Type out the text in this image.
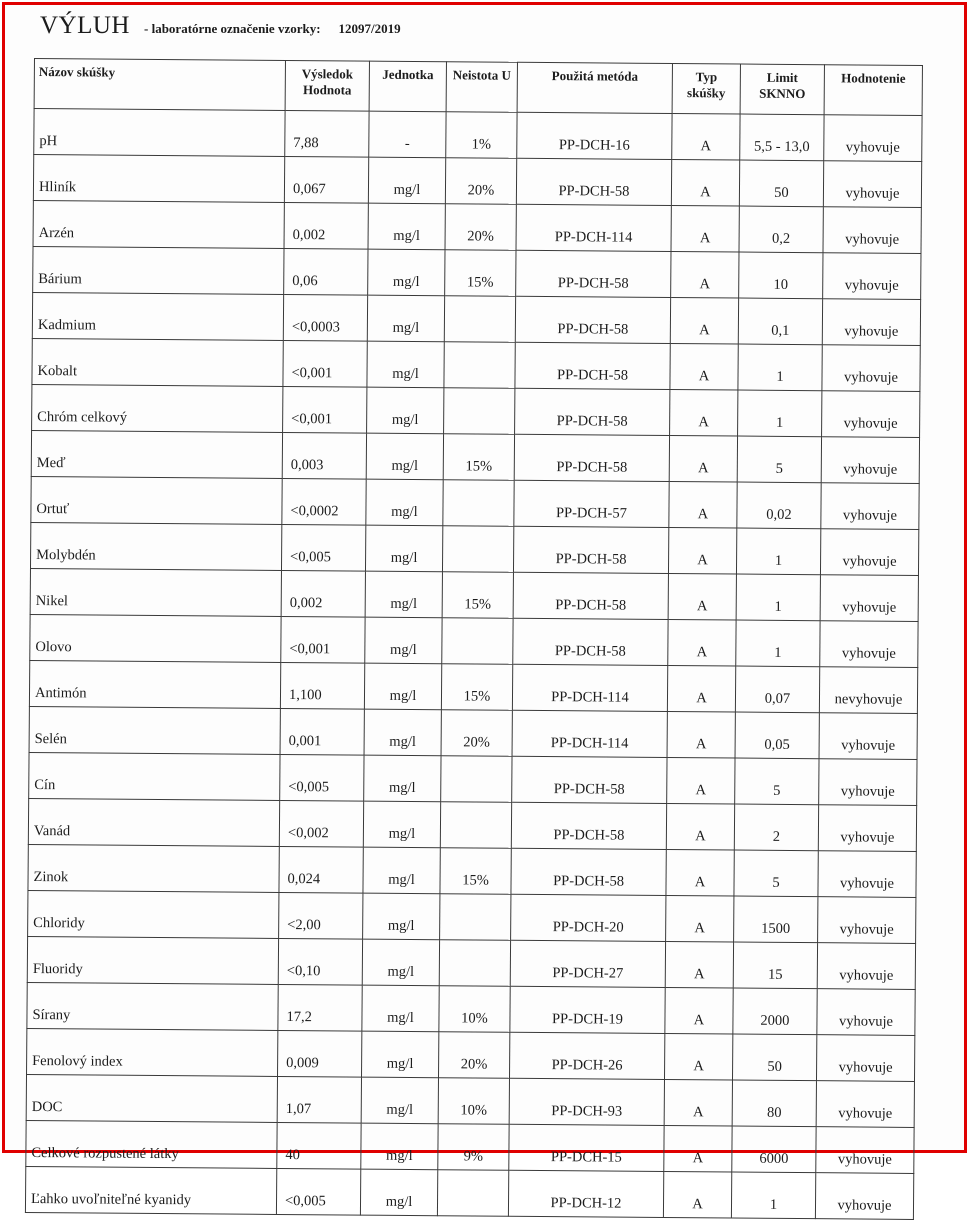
VÝLUH - laboratórne označenie vzorky: 12097/2019
Názov skúšky	Výsledok Hodnota	Jednotka	Neistota U	Použitá metóda	Typ skúšky	Limit SKNNO	Hodnotenie
pH	7,88	-	1%	PP-DCH-16	A	5,5 - 13,0	vyhovuje
Hliník	0,067	mg/l	20%	PP-DCH-58	A	50	vyhovuje
Arzén	0,002	mg/l	20%	PP-DCH-114	A	0,2	vyhovuje
Bárium	0,06	mg/l	15%	PP-DCH-58	A	10	vyhovuje
Kadmium	<0,0003	mg/l		PP-DCH-58	A	0,1	vyhovuje
Kobalt	<0,001	mg/l		PP-DCH-58	A	1	vyhovuje
Chróm celkový	<0,001	mg/l		PP-DCH-58	A	1	vyhovuje
Meď	0,003	mg/l	15%	PP-DCH-58	A	5	vyhovuje
Ortuť	<0,0002	mg/l		PP-DCH-57	A	0,02	vyhovuje
Molybdén	<0,005	mg/l		PP-DCH-58	A	1	vyhovuje
Nikel	0,002	mg/l	15%	PP-DCH-58	A	1	vyhovuje
Olovo	<0,001	mg/l		PP-DCH-58	A	1	vyhovuje
Antimón	1,100	mg/l	15%	PP-DCH-114	A	0,07	nevyhovuje
Selén	0,001	mg/l	20%	PP-DCH-114	A	0,05	vyhovuje
Cín	<0,005	mg/l		PP-DCH-58	A	5	vyhovuje
Vanád	<0,002	mg/l		PP-DCH-58	A	2	vyhovuje
Zinok	0,024	mg/l	15%	PP-DCH-58	A	5	vyhovuje
Chloridy	<2,00	mg/l		PP-DCH-20	A	1500	vyhovuje
Fluoridy	<0,10	mg/l		PP-DCH-27	A	15	vyhovuje
Sírany	17,2	mg/l	10%	PP-DCH-19	A	2000	vyhovuje
Fenolový index	0,009	mg/l	20%	PP-DCH-26	A	50	vyhovuje
DOC	1,07	mg/l	10%	PP-DCH-93	A	80	vyhovuje
Celkové rozpustené látky	40	mg/l	9%	PP-DCH-15	A	6000	vyhovuje
Ľahko uvoľniteľné kyanidy	<0,005	mg/l		PP-DCH-12	A	1	vyhovuje
